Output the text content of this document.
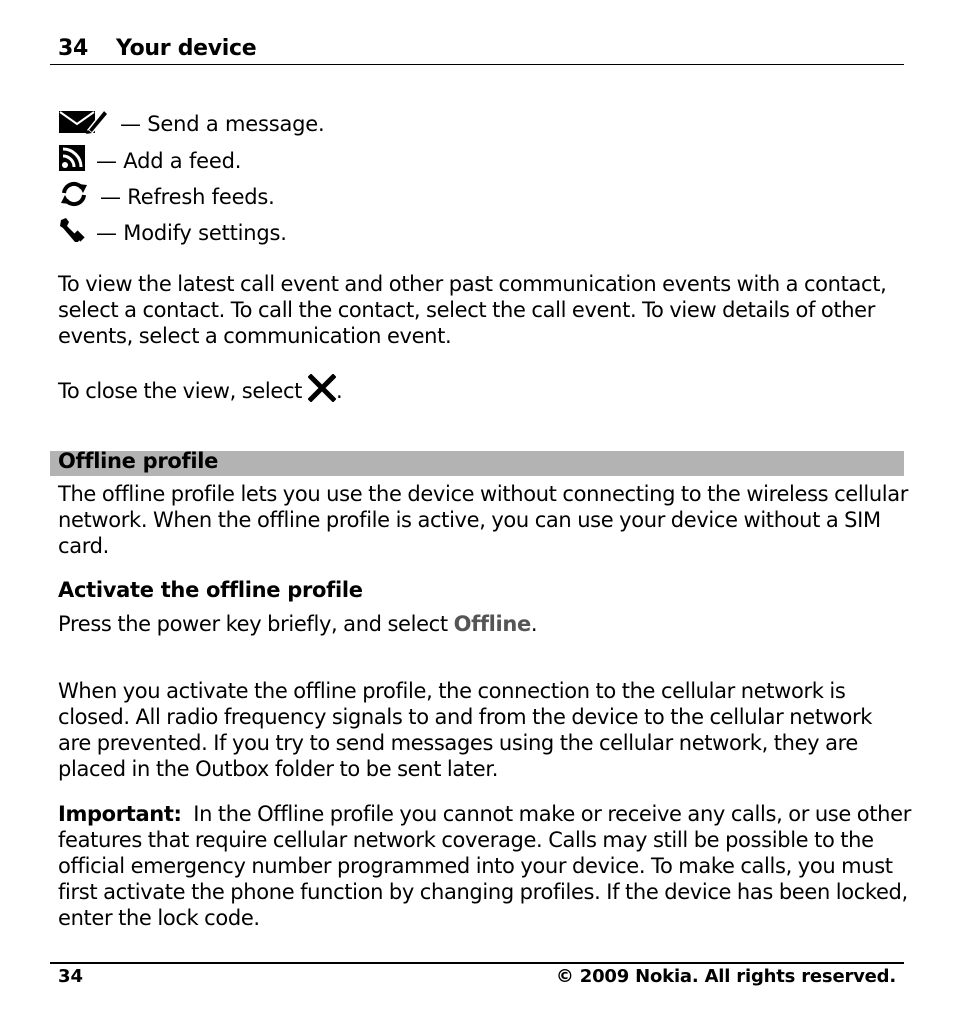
34 Your device
— Send a message.
— Add a feed.
— Refresh feeds.
— Modify settings.
To view the latest call event and other past communication events with a contact,
select a contact. To call the contact, select the call event. To view details of other
events, select a communication event.
To close the view, select .
Offline profile
The offline profile lets you use the device without connecting to the wireless cellular
network. When the offline profile is active, you can use your device without a SIM
card.
Activate the offline profile
Press the power key briefly, and select Offline.
When you activate the offline profile, the connection to the cellular network is
closed. All radio frequency signals to and from the device to the cellular network
are prevented. If you try to send messages using the cellular network, they are
placed in the Outbox folder to be sent later.
Important: In the Offline profile you cannot make or receive any calls, or use other
features that require cellular network coverage. Calls may still be possible to the
official emergency number programmed into your device. To make calls, you must
first activate the phone function by changing profiles. If the device has been locked,
enter the lock code.
34	© 2009 Nokia. All rights reserved.
